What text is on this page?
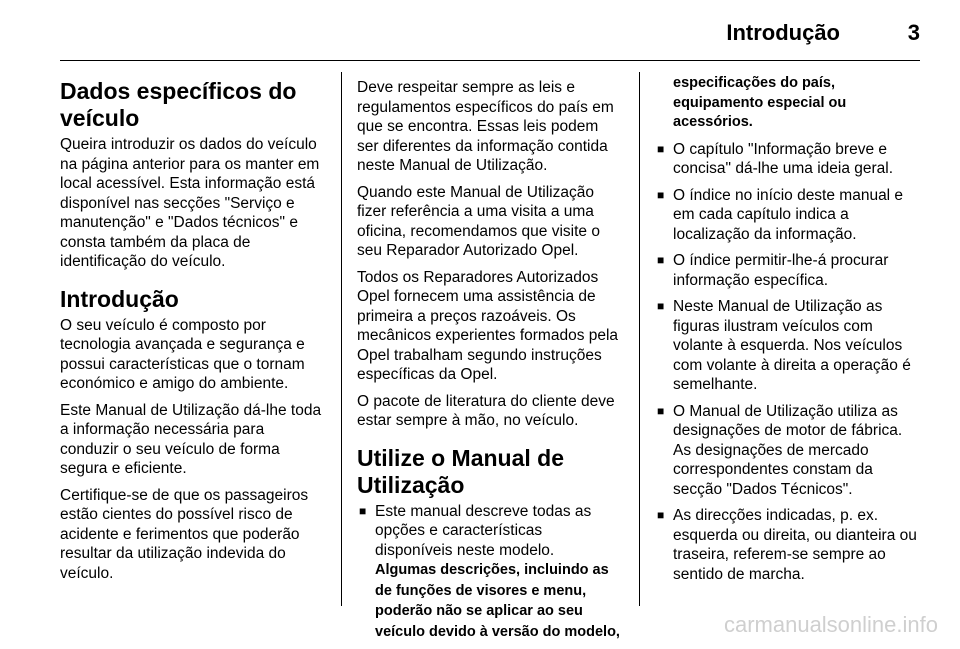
Introdução	3
Dados específicos do veículo

Queira introduzir os dados do veículo na página anterior para os manter em local acessível. Esta informação está disponível nas secções "Serviço e manutenção" e "Dados técnicos" e consta também da placa de identificação do veículo.

Introdução

O seu veículo é composto por tecnologia avançada e segurança e possui características que o tornam económico e amigo do ambiente.

Este Manual de Utilização dá-lhe toda a informação necessária para conduzir o seu veículo de forma segura e eficiente.

Certifique-se de que os passageiros estão cientes do possível risco de acidente e ferimentos que poderão resultar da utilização indevida do veículo.

Deve respeitar sempre as leis e regulamentos específicos do país em que se encontra. Essas leis podem ser diferentes da informação contida neste Manual de Utilização.

Quando este Manual de Utilização fizer referência a uma visita a uma oficina, recomendamos que visite o seu Reparador Autorizado Opel.

Todos os Reparadores Autorizados Opel fornecem uma assistência de primeira a preços razoáveis. Os mecânicos experientes formados pela Opel trabalham segundo instruções específicas da Opel.

O pacote de literatura do cliente deve estar sempre à mão, no veículo.

Utilize o Manual de Utilização
■ Este manual descreve todas as opções e características disponíveis neste modelo.
Algumas descrições, incluindo as de funções de visores e menu, poderão não se aplicar ao seu veículo devido à versão do modelo,

especificações do país, equipamento especial ou acessórios.

■ O capítulo "Informação breve e concisa" dá-lhe uma ideia geral.
■ O índice no início deste manual e em cada capítulo indica a localização da informação.
■ O índice permitir-lhe-á procurar informação específica.
■ Neste Manual de Utilização as figuras ilustram veículos com volante à esquerda. Nos veículos com volante à direita a operação é semelhante.
■ O Manual de Utilização utiliza as designações de motor de fábrica. As designações de mercado correspondentes constam da secção "Dados Técnicos".
■ As direcções indicadas, p. ex. esquerda ou direita, ou dianteira ou traseira, referem-se sempre ao sentido de marcha.
carmanualsonline.info
